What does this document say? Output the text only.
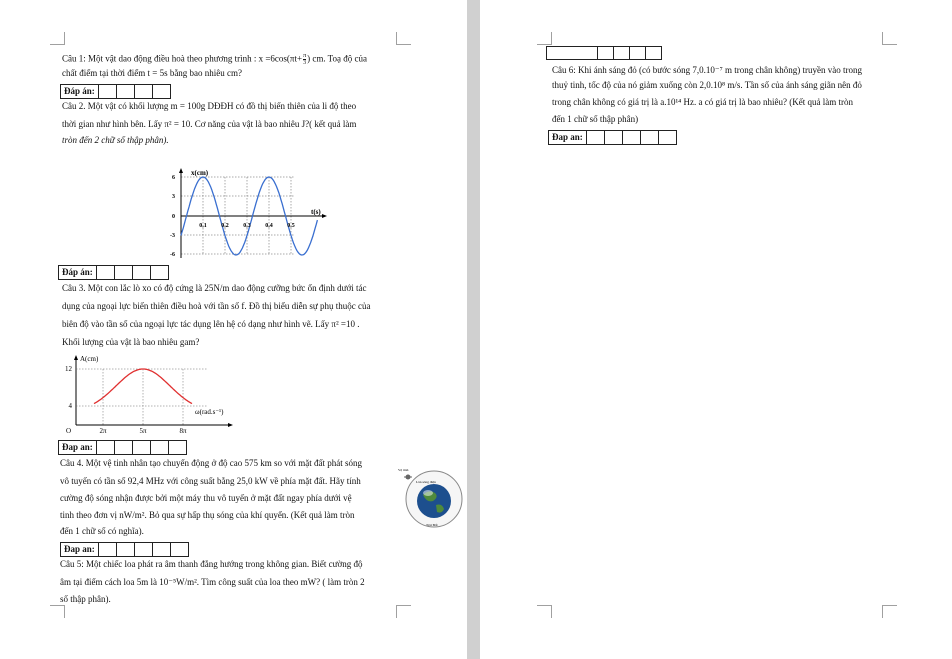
Câu 1: Một vật dao động điều hoà theo phương trình : $x =6\cos(\pi t+ \frac{\pi}{3}$ ) cm. Toạ độ của
chất điểm tại thời điểm t = 5s bằng bao nhiêu cm?
Đáp án:
Câu 2. Một vật có khối lượng m = 100g DĐĐH có đồ thị biến thiên của li độ theo
thời gian như hình bên. Lấy π² = 10. Cơ năng của vật là bao nhiêu J?( kết quả làm
tròn đến 2 chữ số thập phân).
x(cm)
t(s)
6
3
0
-3
-6
0,1 0,2 0,3 0,4 0,5
Đáp án:
Câu 3. Một con lắc lò xo có độ cứng là 25N/m dao động cưỡng bức ổn định dưới tác
dụng của ngoại lực biến thiên điều hoà với tần số f. Đồ thị biểu diễn sự phụ thuộc của
biên độ vào tần số của ngoại lực tác dụng lên hệ có dạng như hình vẽ. Lấy π² =10 .
Khối lượng của vật là bao nhiêu gam?
A(cm)
ω(rad.s⁻¹)
12
4
O	2π	5π	8π
Đap an:
Câu 4. Một vệ tinh nhân tạo chuyển động ở độ cao 575 km so với mặt đất phát sóng
vô tuyến có tần số 92,4 MHz với công suất bằng 25,0 kW về phía mặt đất. Hãy tính
cường độ sóng nhận được bởi một máy thu vô tuyến ở mặt đất ngay phía dưới vệ
tinh theo đơn vị nW/m². Bỏ qua sự hấp thụ sóng của khí quyển. (Kết quả làm tròn
đến 1 chữ số có nghĩa).
Vệ tinh
Làn sóng điện
Trái Đất
Đap an:
Câu 5: Một chiếc loa phát ra âm thanh đẳng hướng trong không gian. Biết cường độ
âm tại điểm cách loa 5m là 10⁻⁵W/m². Tìm công suất của loa theo mW? ( làm tròn 2
số thập phân).
Câu 6: Khi ánh sáng đỏ (có bước sóng 7,0.10⁻⁷ m trong chân không) truyền vào trong
thuỷ tinh, tốc độ của nó giảm xuống còn 2,0.10⁸ m/s. Tần số của ánh sáng giãn nên đỏ
trong chân không có giá trị là a.10¹⁴ Hz. a có giá trị là bao nhiêu? (Kết quả làm tròn
đến 1 chữ số thập phân)
Đap an:
